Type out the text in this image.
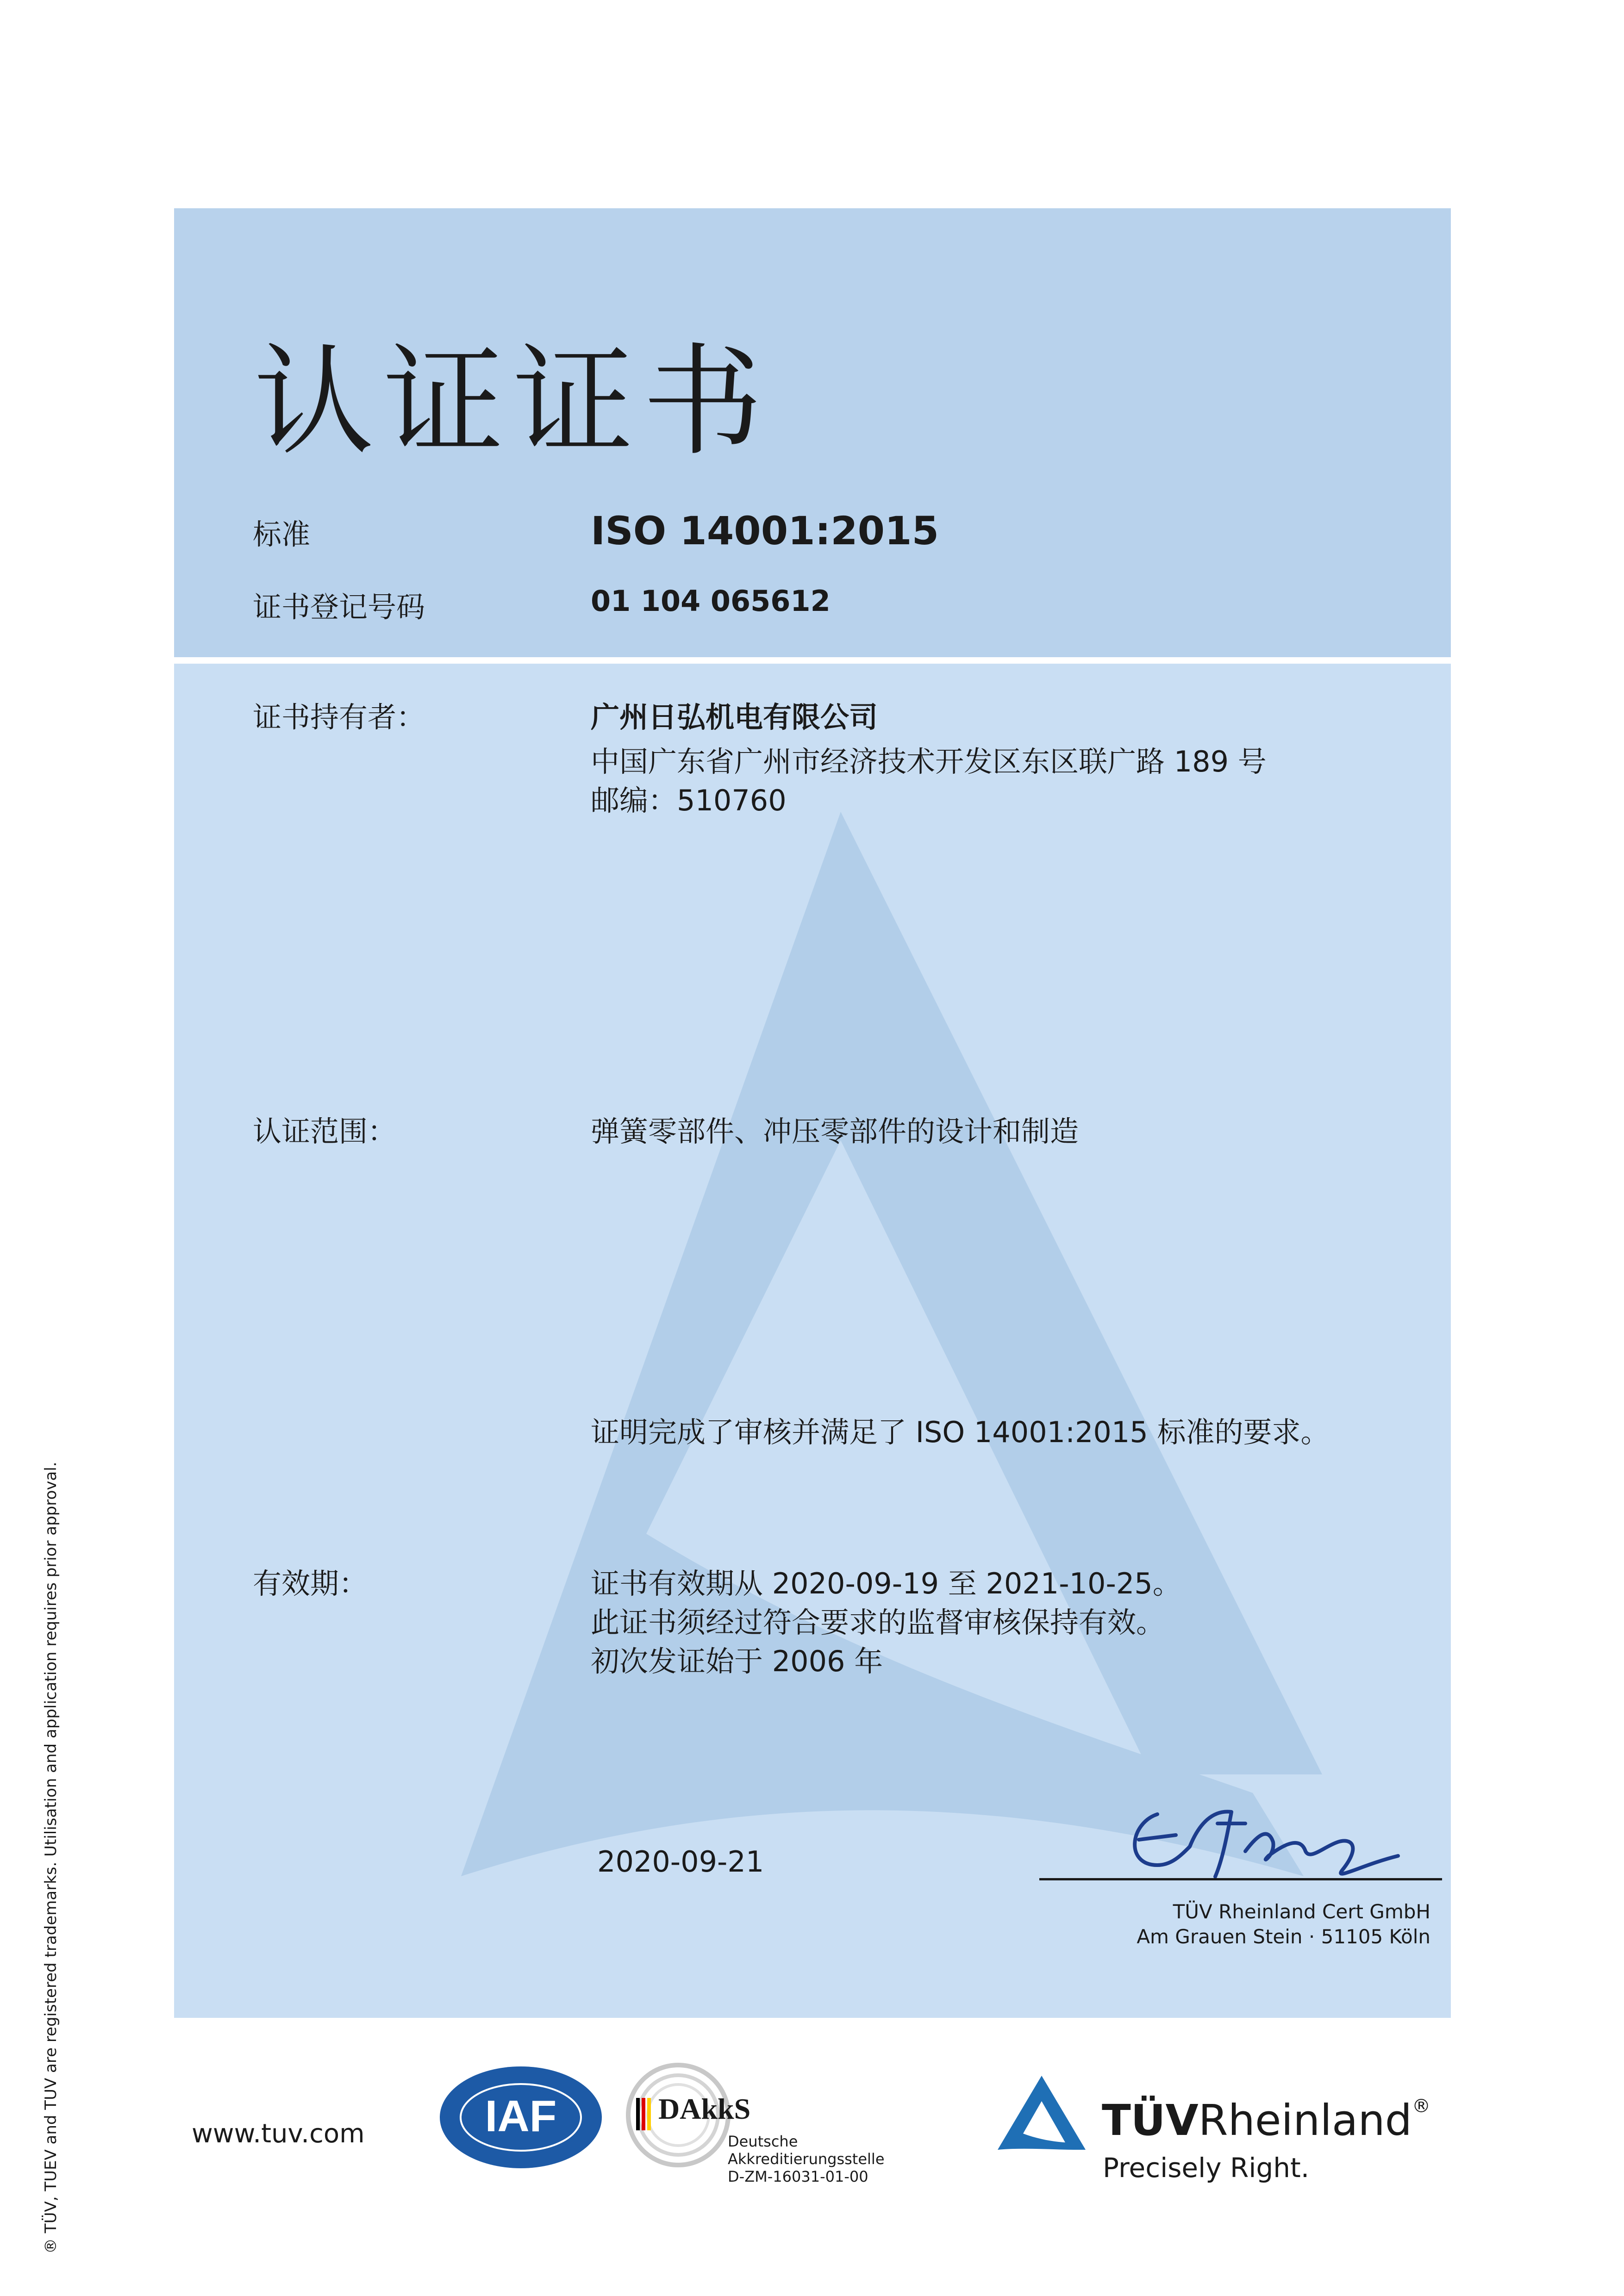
认证证书
标准	ISO 14001:2015
证书登记号码	01 104 065612
证书持有者：	广州日弘机电有限公司
中国广东省广州市经济技术开发区东区联广路 189 号
邮编：510760
认证范围：	弹簧零部件、冲压零部件的设计和制造
证明完成了审核并满足了 ISO 14001:2015 标准的要求。
有效期：	证书有效期从 2020-09-19 至 2021-10-25。
此证书须经过符合要求的监督审核保持有效。
初次发证始于 2006 年
2020-09-21
TÜV Rheinland Cert GmbH
Am Grauen Stein · 51105 Köln
www.tuv.com	IAF	DAkkS
Deutsche
Akkreditierungsstelle
D-ZM-16031-01-00
TÜVRheinland®
Precisely Right.
® TÜV, TUEV and TUV are registered trademarks. Utilisation and application requires prior approval.
